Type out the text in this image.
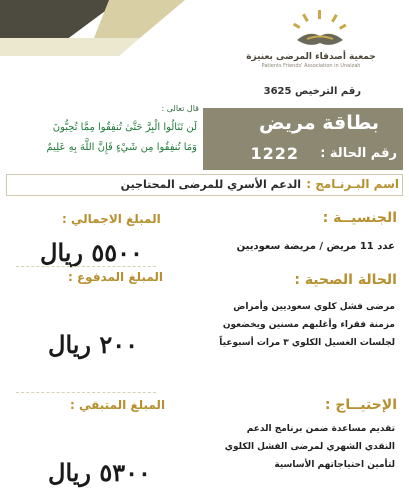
جمعية أصدقاء المرضى بعنيزة
Patients Friends' Association in Unaizah
رقم الترخيص 3625
قال تعالى :
لَن تَنَالُوا الْبِرَّ حَتَّىٰ تُنفِقُوا مِمَّا تُحِبُّونَ
وَمَا تُنفِقُوا مِن شَيْءٍ فَإِنَّ اللَّهَ بِهِ عَلِيمٌ
بطاقة مريض
رقم الحالة :
1222
اسم البـرنـامج :
الدعم الأسري للمرضى المحتاجين
الجنسيــة :
عدد 11 مريض / مريضة سعوديين
الحالة الصحية :
مرضى فشل كلوي سعوديين وأمراض مزمنة فقراء وأغلبهم مسنين ويخضعون لجلسات الغسيل الكلوي ٣ مرات أسبوعياً
الإحتيــاج :
تقديم مساعدة ضمن برنامج الدعم النقدي الشهري لمرضى الفشل الكلوي لتأمين احتياجاتهم الأساسية
المبلغ الاجمالي :
٥٥٠٠ ريال
المبلغ المدفوع :
٢٠٠ ريال
المبلغ المتبقي :
٥٣٠٠ ريال
